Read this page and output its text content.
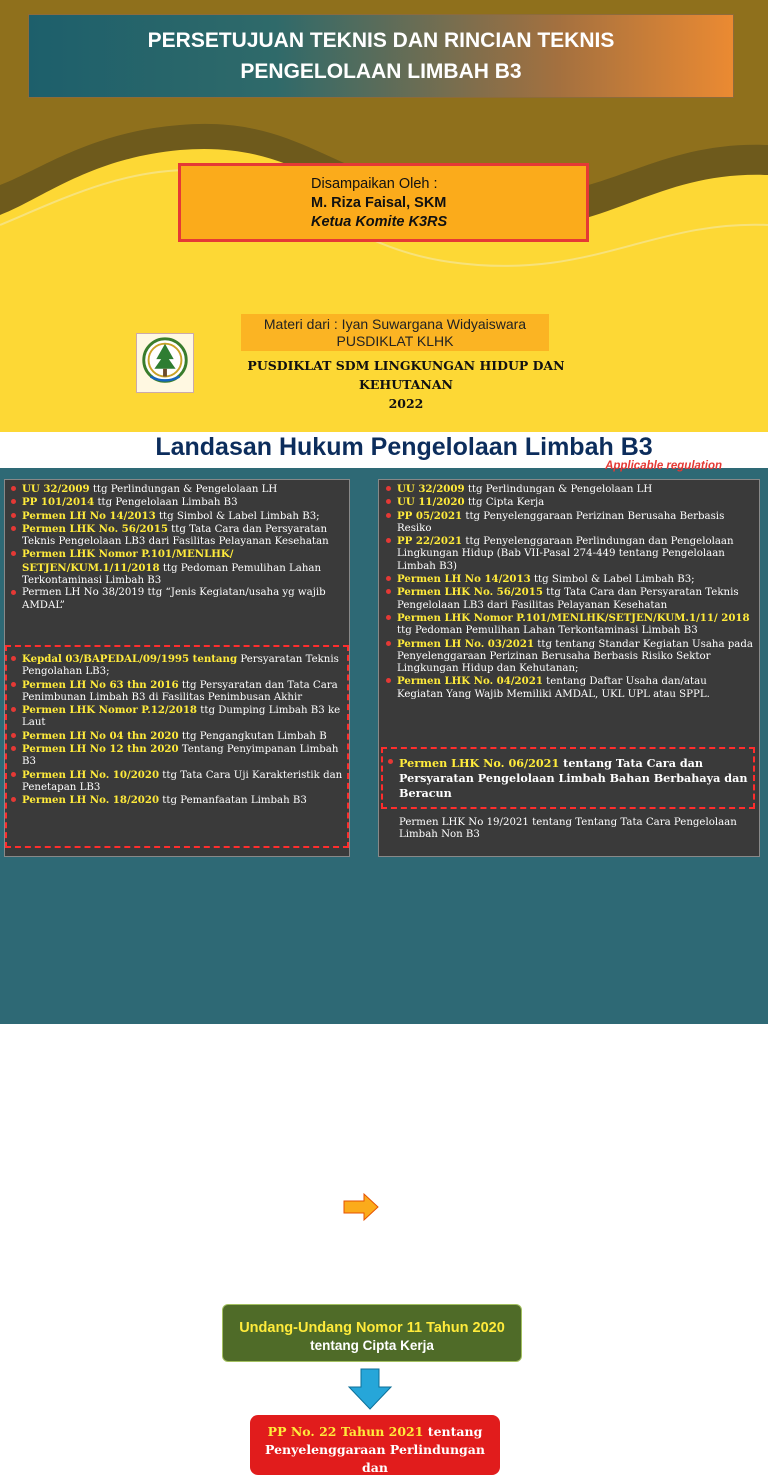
PERSETUJUAN TEKNIS DAN RINCIAN TEKNIS
PENGELOLAAN LIMBAH B3
Disampaikan Oleh :
M. Riza Faisal, SKM
Ketua Komite K3RS
Materi dari : Iyan Suwargana Widyaiswara
PUSDIKLAT KLHK
PUSDIKLAT SDM LINGKUNGAN HIDUP DAN KEHUTANAN
2022
Landasan Hukum Pengelolaan Limbah B3
Applicable regulation
UU 32/2009 ttg Perlindungan & Pengelolaan LH
PP 101/2014 ttg Pengelolaan Limbah B3
Permen LH No 14/2013 ttg Simbol & Label Limbah B3;
Permen LHK No. 56/2015 ttg Tata Cara dan Persyaratan Teknis Pengelolaan LB3 dari Fasilitas Pelayanan Kesehatan
Permen LHK Nomor P.101/MENLHK/ SETJEN/KUM.1/11/2018 ttg Pedoman Pemulihan Lahan Terkontaminasi Limbah B3
Permen LH No 38/2019 ttg “Jenis Kegiatan/usaha yg wajib AMDAL”
Kepdal 03/BAPEDAL/09/1995 tentang Persyaratan Teknis Pengolahan LB3;
Permen LH No 63 thn 2016 ttg Persyaratan dan Tata Cara Penimbunan Limbah B3 di Fasilitas Penimbusan Akhir
Permen LHK Nomor P.12/2018 ttg Dumping Limbah B3 ke Laut
Permen LH No 04 thn 2020 ttg Pengangkutan Limbah B
Permen LH No 12 thn 2020 Tentang Penyimpanan Limbah B3
Permen LH No. 10/2020 ttg Tata Cara Uji Karakteristik dan Penetapan LB3
Permen LH No. 18/2020 ttg Pemanfaatan Limbah B3
UU 32/2009 ttg Perlindungan & Pengelolaan LH
UU 11/2020 ttg Cipta Kerja
PP 05/2021 ttg Penyelenggaraan Perizinan Berusaha Berbasis Resiko
PP 22/2021 ttg Penyelenggaraan Perlindungan dan Pengelolaan Lingkungan Hidup (Bab VII-Pasal 274-449 tentang Pengelolaan Limbah B3)
Permen LH No 14/2013 ttg Simbol & Label Limbah B3;
Permen LHK No. 56/2015 ttg Tata Cara dan Persyaratan Teknis Pengelolaan LB3 dari Fasilitas Pelayanan Kesehatan
Permen LHK Nomor P.101/MENLHK/SETJEN/KUM.1/11/ 2018 ttg Pedoman Pemulihan Lahan Terkontaminasi Limbah B3
Permen LH No. 03/2021 ttg tentang Standar Kegiatan Usaha pada Penyelenggaraan Perizinan Berusaha Berbasis Risiko Sektor Lingkungan Hidup dan Kehutanan;
Permen LHK No. 04/2021 tentang Daftar Usaha dan/atau Kegiatan Yang Wajib Memiliki AMDAL, UKL UPL atau SPPL.
Permen LHK No. 06/2021 tentang Tata Cara dan Persyaratan Pengelolaan Limbah Bahan Berbahaya dan Beracun
Permen LHK No 19/2021 tentang Tentang Tata Cara Pengelolaan Limbah Non B3
Undang-Undang Nomor 11 Tahun 2020
tentang Cipta Kerja
PP No. 22 Tahun 2021 tentang
Penyelenggaraan Perlindungan dan
